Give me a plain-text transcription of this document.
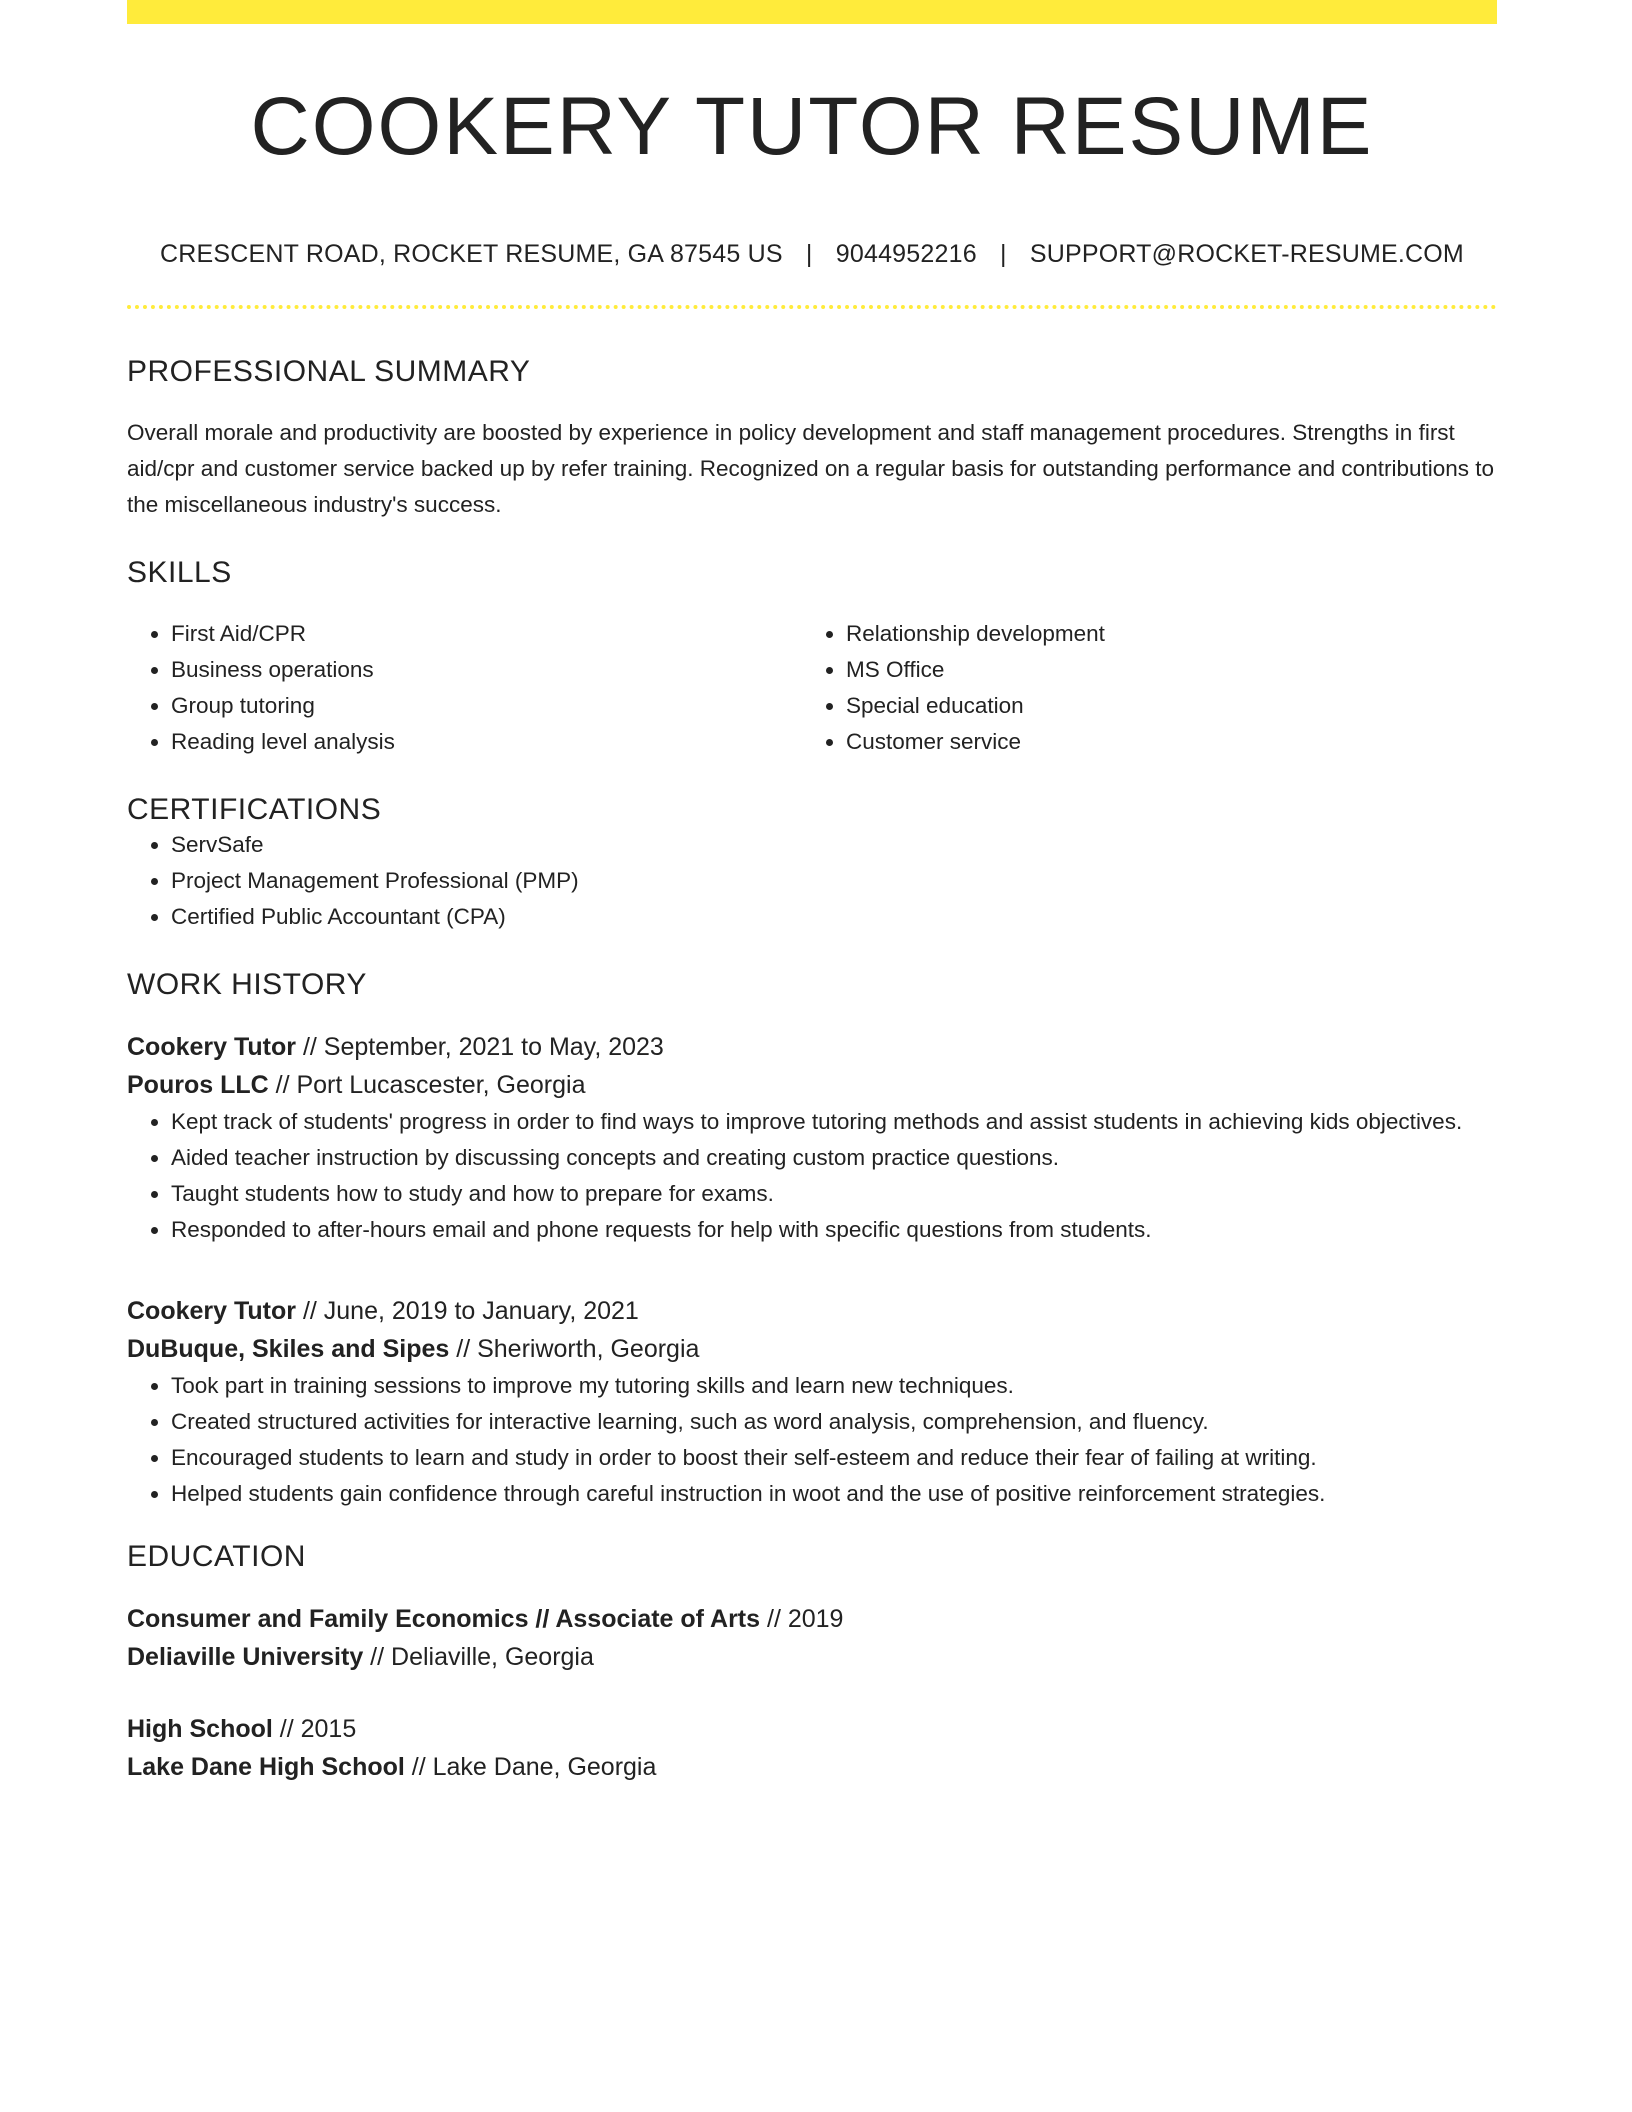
COOKERY TUTOR RESUME
CRESCENT ROAD, ROCKET RESUME, GA 87545 US | 9044952216 | SUPPORT@ROCKET-RESUME.COM
PROFESSIONAL SUMMARY
Overall morale and productivity are boosted by experience in policy development and staff management procedures. Strengths in first aid/cpr and customer service backed up by refer training. Recognized on a regular basis for outstanding performance and contributions to the miscellaneous industry's success.
SKILLS
• First Aid/CPR
• Business operations
• Group tutoring
• Reading level analysis
• Relationship development
• MS Office
• Special education
• Customer service
CERTIFICATIONS
• ServSafe
• Project Management Professional (PMP)
• Certified Public Accountant (CPA)
WORK HISTORY
Cookery Tutor // September, 2021 to May, 2023
Pouros LLC // Port Lucascester, Georgia
• Kept track of students' progress in order to find ways to improve tutoring methods and assist students in achieving kids objectives.
• Aided teacher instruction by discussing concepts and creating custom practice questions.
• Taught students how to study and how to prepare for exams.
• Responded to after-hours email and phone requests for help with specific questions from students.
Cookery Tutor // June, 2019 to January, 2021
DuBuque, Skiles and Sipes // Sheriworth, Georgia
• Took part in training sessions to improve my tutoring skills and learn new techniques.
• Created structured activities for interactive learning, such as word analysis, comprehension, and fluency.
• Encouraged students to learn and study in order to boost their self-esteem and reduce their fear of failing at writing.
• Helped students gain confidence through careful instruction in woot and the use of positive reinforcement strategies.
EDUCATION
Consumer and Family Economics // Associate of Arts // 2019
Deliaville University // Deliaville, Georgia
High School // 2015
Lake Dane High School // Lake Dane, Georgia
